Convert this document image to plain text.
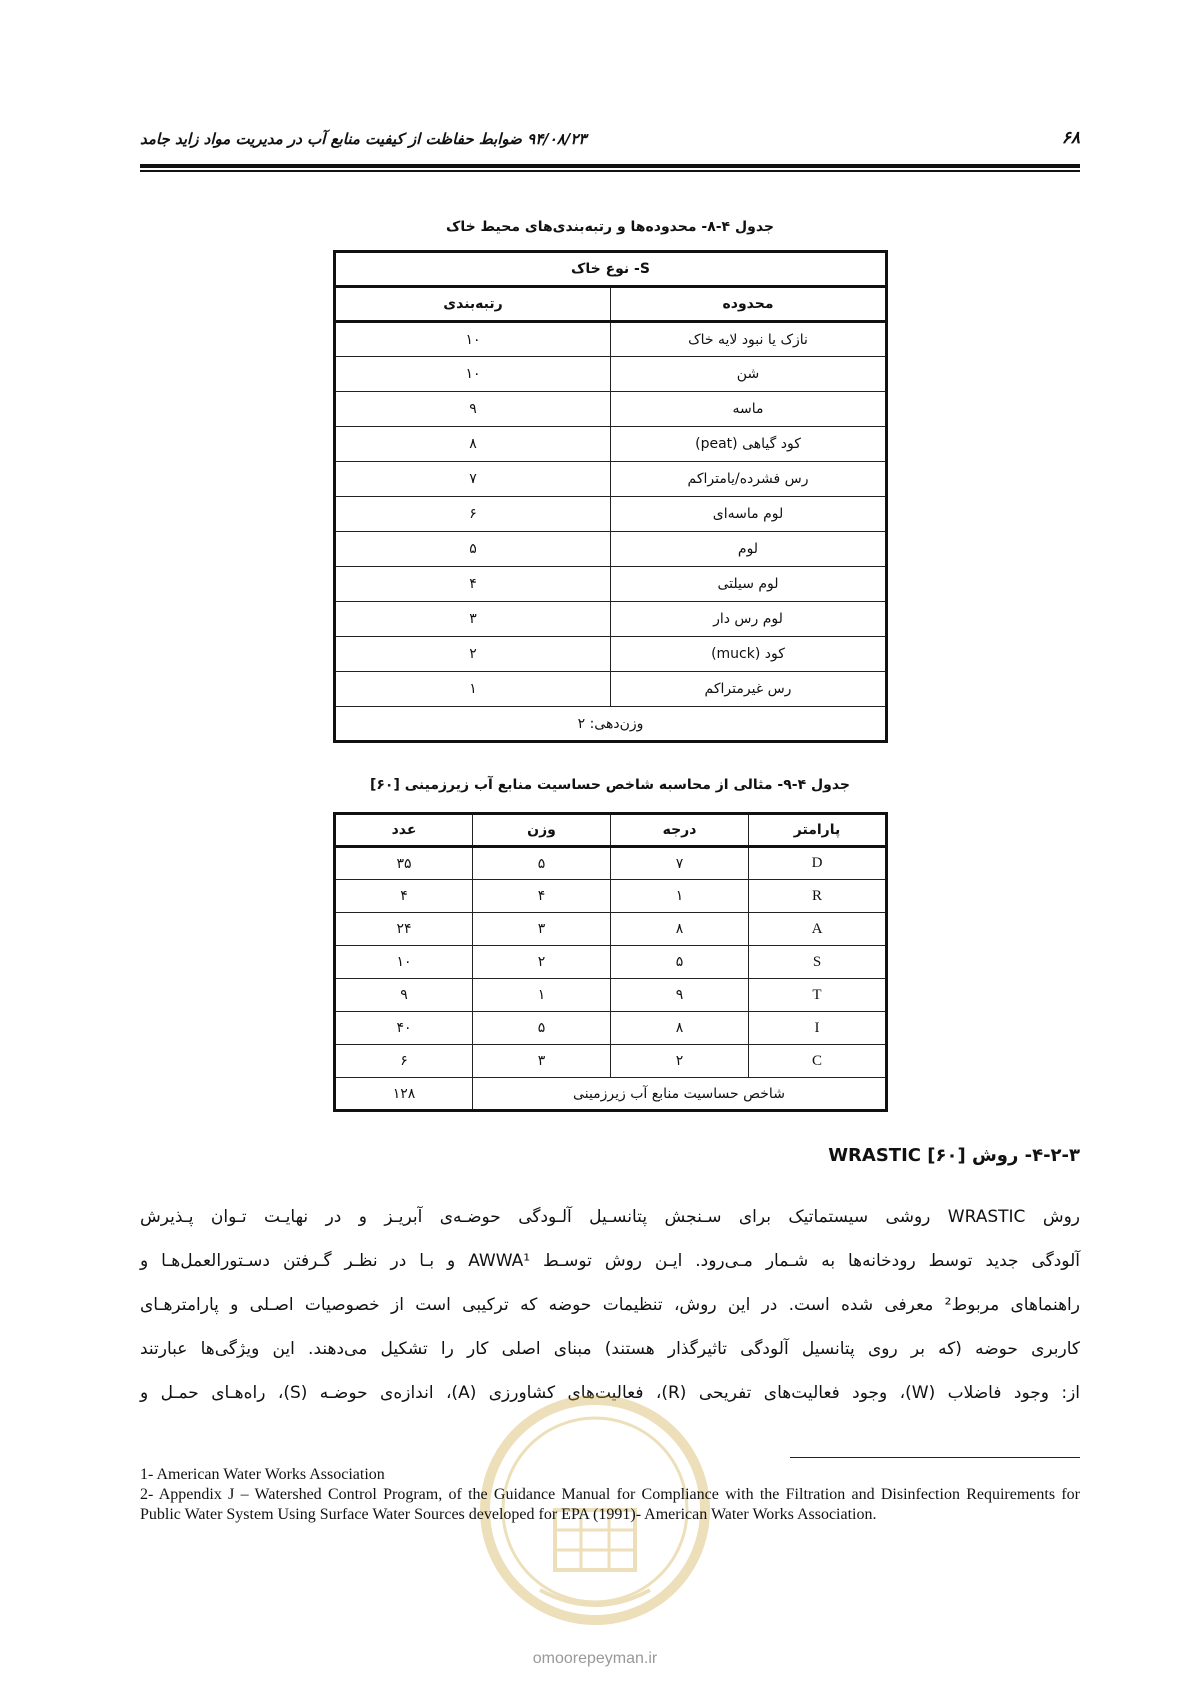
۶۸
۹۴/۰۸/۲۳ ضوابط حفاظت از کیفیت منابع آب در مدیریت مواد زاید جامد
جدول ۴-۸- محدوده‌ها و رتبه‌بندی‌های محیط خاک
S- نوع خاک	
محدوده	رتبه‌بندی
نازک یا نبود لایه خاک	۱۰
شن	۱۰
ماسه	۹
کود گیاهی (peat)	۸
رس فشرده/یامتراکم	۷
لوم ماسه‌ای	۶
لوم	۵
لوم سیلتی	۴
لوم رس دار	۳
کود (muck)	۲
رس غیرمتراکم	۱
وزن‌دهی: ۲	
جدول ۴-۹- مثالی از محاسبه شاخص حساسیت منابع آب زیرزمینی [۶۰]
پارامتر	درجه	وزن	عدد
D	۷	۵	۳۵
R	۱	۴	۴
A	۸	۳	۲۴
S	۵	۲	۱۰
T	۹	۱	۹
I	۸	۵	۴۰
C	۲	۳	۶
شاخص حساسیت منابع آب زیرزمینی			۱۲۸
۴-۲-۳- روش WRASTIC [۶۰]
روش WRASTIC روشی سیستماتیک برای سـنجش پتانسـیل آلـودگی حوضـه‌ی آبریـز و در نهایـت تـوان پـذیرش
آلودگی جدید توسط رودخانه‌ها به شـمار مـی‌رود. ایـن روش توسـط AWWA¹ و بـا در نظـر گـرفتن دسـتورالعمل‌هـا و
راهنماهای مربوط² معرفی شده است. در این روش، تنظیمات حوضه که ترکیبی است از خصوصیات اصـلی و پارامترهـای
کاربری حوضه (که بر روی پتانسیل آلودگی تاثیرگذار هستند) مبنای اصلی کار را تشکیل می‌دهند. این ویژگی‌ها عبارتند
از: وجود فاضلاب (W)، وجود فعالیت‌های تفریحی (R)، فعالیت‌های کشاورزی (A)، اندازه‌ی حوضـه (S)، راه‌هـای حمـل و
omoorepeyman.ir

1- American Water Works Association

2- Appendix J – Watershed Control Program, of the Guidance Manual for Compliance with the Filtration and Disinfection Requirements for Public Water System Using Surface Water Sources developed for EPA (1991)- American Water Works Association.
